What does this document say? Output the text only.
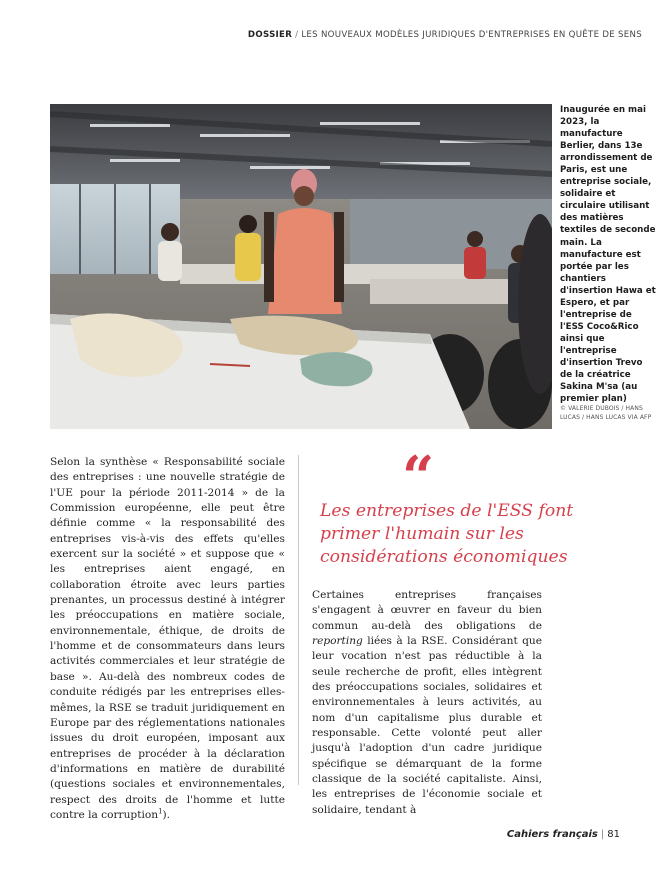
DOSSIER / LES NOUVEAUX MODÈLES JURIDIQUES D'ENTREPRISES EN QUÊTE DE SENS
Inaugurée en mai 2023, la manufacture Berlier, dans 13e arrondissement de Paris, est une entreprise sociale, solidaire et circulaire utilisant des matières textiles de seconde main. La manufacture est portée par les chantiers d'insertion Hawa et Espero, et par l'entreprise de l'ESS Coco&Rico ainsi que l'entreprise d'insertion Trevo de la créatrice Sakina M'sa (au premier plan)
© VALERIE DUBOIS / HANS LUCAS / HANS LUCAS VIA AFP
Selon la synthèse « Responsabilité sociale des entreprises : une nouvelle stratégie de l'UE pour la période 2011-2014 » de la Commission européenne, elle peut être définie comme « la responsabilité des entreprises vis-à-vis des effets qu'elles exercent sur la société » et suppose que « les entreprises aient engagé, en collaboration étroite avec leurs parties prenantes, un processus destiné à intégrer les préoccupations en matière sociale, environnementale, éthique, de droits de l'homme et de consommateurs dans leurs activités commerciales et leur stratégie de base ». Au-delà des nombreux codes de conduite rédigés par les entreprises elles-mêmes, la RSE se traduit juridiquement en Europe par des réglementations nationales issues du droit européen, imposant aux entreprises de procéder à la déclaration d'informations en matière de durabilité (questions sociales et environnementales, respect des droits de l'homme et lutte contre la corruption$^1$).
“
Les entreprises de l'ESS font primer l'humain sur les considérations économiques
Certaines entreprises françaises s'engagent à œuvrer en faveur du bien commun au-delà des obligations de reporting liées à la RSE. Considérant que leur vocation n'est pas réductible à la seule recherche de profit, elles intègrent des préoccupations sociales, solidaires et environnementales à leurs activités, au nom d'un capitalisme plus durable et responsable. Cette volonté peut aller jusqu'à l'adoption d'un cadre juridique spécifique se démarquant de la forme classique de la société capitaliste. Ainsi, les entreprises de l'économie sociale et solidaire, tendant à
Cahiers français | 81
